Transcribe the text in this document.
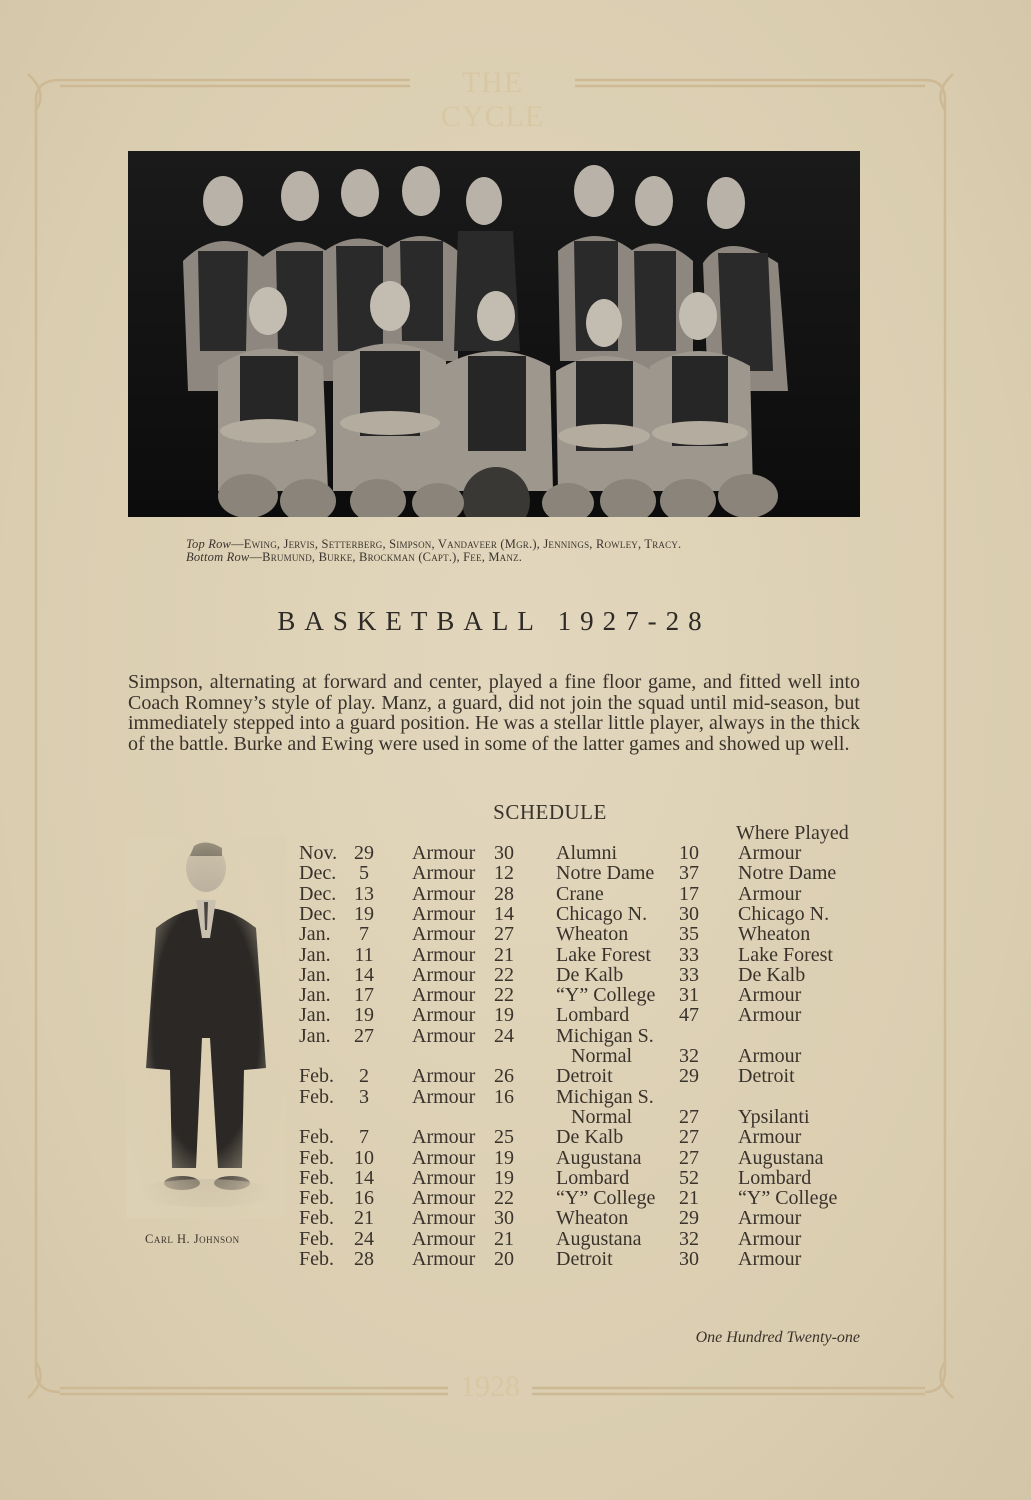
THE CYCLE
1928
Top Row—Ewing, Jervis, Setterberg, Simpson, Vandaveer (Mgr.), Jennings, Rowley, Tracy.
Bottom Row—Brumund, Burke, Brockman (Capt.), Fee, Manz.
BASKETBALL 1927-28

Simpson, alternating at forward and center, played a fine floor game, and fitted well into Coach Romney’s style of play. Manz, a guard, did not join the squad until mid-season, but immediately stepped into a guard position. He was a stellar little player, always in the thick of the battle. Burke and Ewing were used in some of the latter games and showed up well.

SCHEDULE
Where Played
Carl H. Johnson
Nov. 29 Armour 30 Alumni	10 Armour
Dec.	5	Armour 12 Notre Dame 37 Notre Dame
Dec. 13 Armour 28 Crane	17 Armour
Dec. 19 Armour 14 Chicago N. 30 Chicago N.
Jan.	7	Armour 27 Wheaton	35 Wheaton
Jan. 11 Armour 21 Lake Forest 33 Lake Forest
Jan. 14 Armour 22 De Kalb	33 De Kalb
Jan. 17 Armour 22 “Y” College 31 Armour
Jan. 19 Armour 19 Lombard 47 Armour
Jan. 27 Armour 24 Michigan S.
Normal 32 Armour
Feb.	2	Armour 26 Detroit	29 Detroit
Feb.	3	Armour 16 Michigan S.
Normal 27 Ypsilanti
Feb.	7	Armour 25 De Kalb	27 Armour
Feb. 10 Armour 19 Augustana 27 Augustana
Feb. 14 Armour 19 Lombard 52 Lombard
Feb. 16 Armour 22 “Y” College 21 “Y” College
Feb. 21 Armour 30 Wheaton	29 Armour
Feb. 24 Armour 21 Augustana 32 Armour
Feb. 28 Armour 20 Detroit	30 Armour
One Hundred Twenty-one
